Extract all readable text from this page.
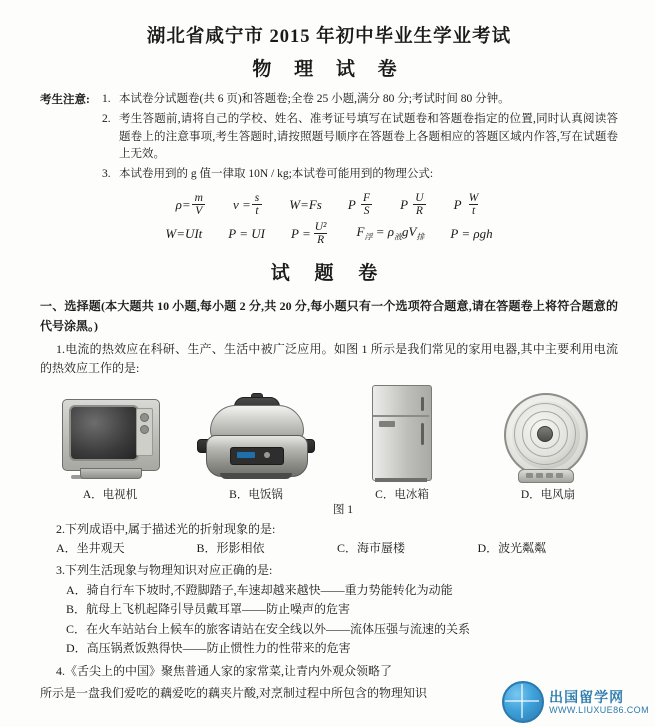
湖北省咸宁市 2015 年初中毕业生学业考试
物 理 试 卷
考生注意:	1. 本试卷分试题卷(共 6 页)和答题卷;全卷 25 小题,满分 80 分;考试时间 80 分钟。
2. 考生答题前,请将自己的学校、姓名、准考证号填写在试题卷和答题卷指定的位置,同时认真阅读答题卷上的注意事项,考生答题时,请按照题号顺序在答题卷上各题相应的答题区域内作答,写在试题卷上无效。
3. 本试卷用到的 g 值一律取 10N / kg;本试卷可能用到的物理公式:
$\rho= \frac{m}{V}$ v
= $\frac{s}{t} W=Fs$ P
$\frac{F}{S}$ P
$\frac{U}{R}$ P
$\frac{W}{t}$
W=UIt P = UI $P = \frac{\text{U²}}{R} F_浮 = \rho_液gV_排$ P = ρgh
试 题 卷
一、选择题(本大题共 10 小题,每小题 2 分,共 20 分,每小题只有一个选项符合题意,请在答题卷上将符合题意的代号涂黑。)
1.电流的热效应在科研、生产、生活中被广泛应用。如图 1 所示是我们常见的家用电器,其中主要利用电流的热效应工作的是:
A．电视机	B．电饭锅	C．电冰箱	D．电风扇
图 1
2.下列成语中,属于描述光的折射现象的是:
A．坐井观天	B．形影相依	C．海市蜃楼	D．波光粼粼
3.下列生活现象与物理知识对应正确的是:
A．骑自行车下坡时,不蹬脚踏子,车速却越来越快——重力势能转化为动能
B．航母上飞机起降引导员戴耳罩——防止噪声的危害
C．在火车站站台上候车的旅客请站在安全线以外——流体压强与流速的关系
D．高压锅煮饭熟得快——防止惯性力的性带来的危害
4.《舌尖上的中国》聚焦普通人家的家常菜,让青内外观众领略了
所示是一盘我们爱吃的藕爱吃的藕夹片酸,对烹制过程中所包含的物理知识	出国留学网
WWW.LIUXUE86.COM
